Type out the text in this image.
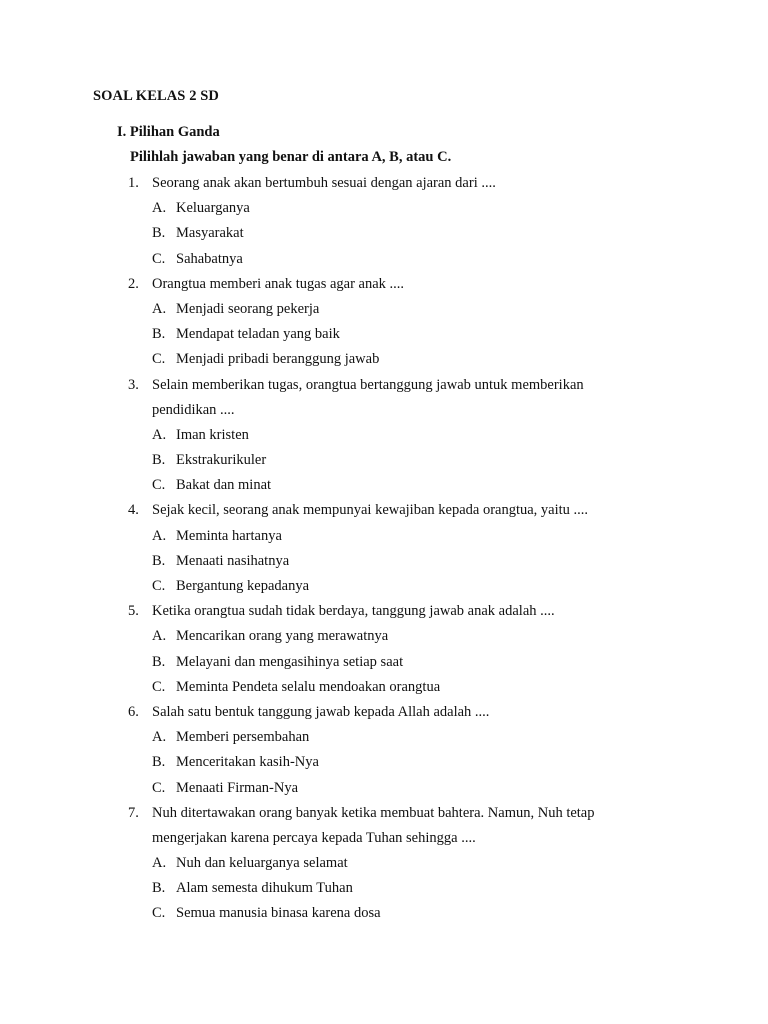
SOAL KELAS 2 SD
I. Pilihan Ganda
Pilihlah jawaban yang benar di antara A, B, atau C.
1. Seorang anak akan bertumbuh sesuai dengan ajaran dari ....
A. Keluarganya
B. Masyarakat
C. Sahabatnya
2. Orangtua memberi anak tugas agar anak ....
A. Menjadi seorang pekerja
B. Mendapat teladan yang baik
C. Menjadi pribadi beranggung jawab
3. Selain memberikan tugas, orangtua bertanggung jawab untuk memberikan
pendidikan ....
A. Iman kristen
B. Ekstrakurikuler
C. Bakat dan minat
4. Sejak kecil, seorang anak mempunyai kewajiban kepada orangtua, yaitu ....
A. Meminta hartanya
B. Menaati nasihatnya
C. Bergantung kepadanya
5. Ketika orangtua sudah tidak berdaya, tanggung jawab anak adalah ....
A. Mencarikan orang yang merawatnya
B. Melayani dan mengasihinya setiap saat
C. Meminta Pendeta selalu mendoakan orangtua
6. Salah satu bentuk tanggung jawab kepada Allah adalah ....
A. Memberi persembahan
B. Menceritakan kasih-Nya
C. Menaati Firman-Nya
7. Nuh ditertawakan orang banyak ketika membuat bahtera. Namun, Nuh tetap
mengerjakan karena percaya kepada Tuhan sehingga ....
A. Nuh dan keluarganya selamat
B. Alam semesta dihukum Tuhan
C. Semua manusia binasa karena dosa
